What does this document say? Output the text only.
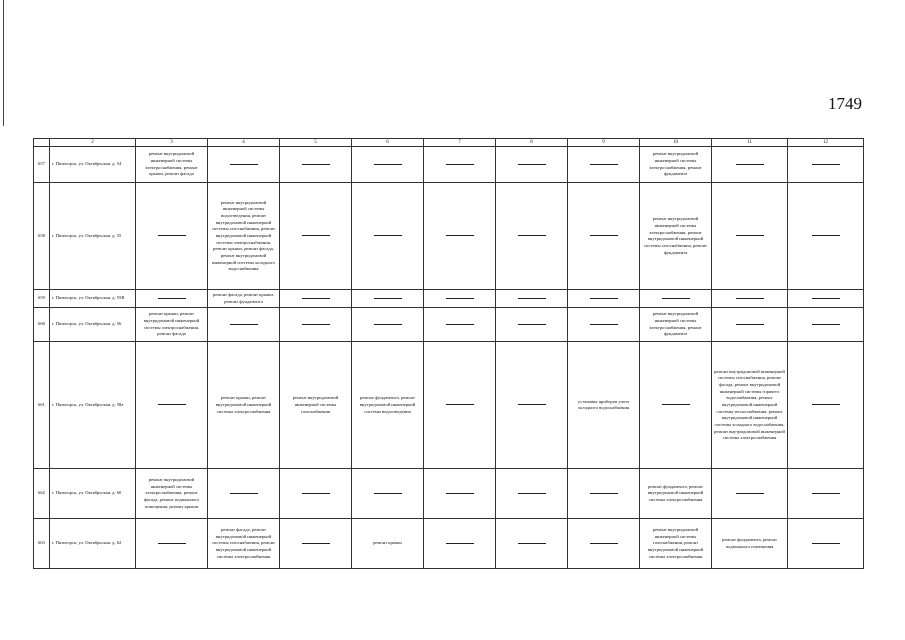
1749
	2	3	4	5	6	7	8	9	10	11	12
657	г. Пятигорск, ул. Октябрьская, д. 54	ремонт внутридомовой инженерной системы электроснабжения, ремонт крыши, ремонт фасада							ремонт внутридомовой инженерной системы электроснабжения, ремонт фундамента		
658	г. Пятигорск, ул. Октябрьская, д. 55		ремонт внутридомовой инженерной системы водоотведения, ремонт внутридомовой инженерной системы газоснабжения, ремонт внутридомовой инженерной системы электроснабжения, ремонт крыши, ремонт фасада, ремонт внутридомовой инженерной системы холодного водоснабжения						ремонт внутридомовой инженерной системы электроснабжения, ремонт внутридомовой инженерной системы газоснабжения, ремонт фундамента		
659	г. Пятигорск, ул. Октябрьская, д. 55В		ремонт фасада, ремонт крыши, ремонт фундамента								
660	г. Пятигорск, ул. Октябрьская, д. 56	ремонт крыши, ремонт внутридомовой инженерной системы электроснабжения, ремонт фасада							ремонт внутридомовой инженерной системы электроснабжения, ремонт фундамента		
661	г. Пятигорск, ул. Октябрьская, д. 58а		ремонт крыши, ремонт внутридомовой инженерной системы электроснабжения	ремонт внутридомовой инженерной системы газоснабжения	ремонт фундамента, ремонт внутридомовой инженерной системы водоотведения			установка приборов учета холодного водоснабжения		ремонт внутридомовой инженерной системы газоснабжения, ремонт фасада, ремонт внутридомовой инженерной системы горячего водоснабжения, ремонт внутридомовой инженерной системы теплоснабжения, ремонт внутридомовой инженерной системы холодного водоснабжения, ремонт внутридомовой инженерной системы электроснабжения	
662	г. Пятигорск, ул. Октябрьская, д. 60	ремонт внутридомовой инженерной системы электроснабжения, ремонт фасада, ремонт подвального помещения, ремонт крыши							ремонт фундамента, ремонт внутридомовой инженерной системы электроснабжения		
663	г. Пятигорск, ул. Октябрьская, д. 62		ремонт фасада, ремонт внутридомовой инженерной системы газоснабжения, ремонт внутридомовой инженерной системы электроснабжения		ремонт крыши				ремонт внутридомовой инженерной системы газоснабжения, ремонт внутридомовой инженерной системы электроснабжения	ремонт фундамента, ремонт подвального помещения	
